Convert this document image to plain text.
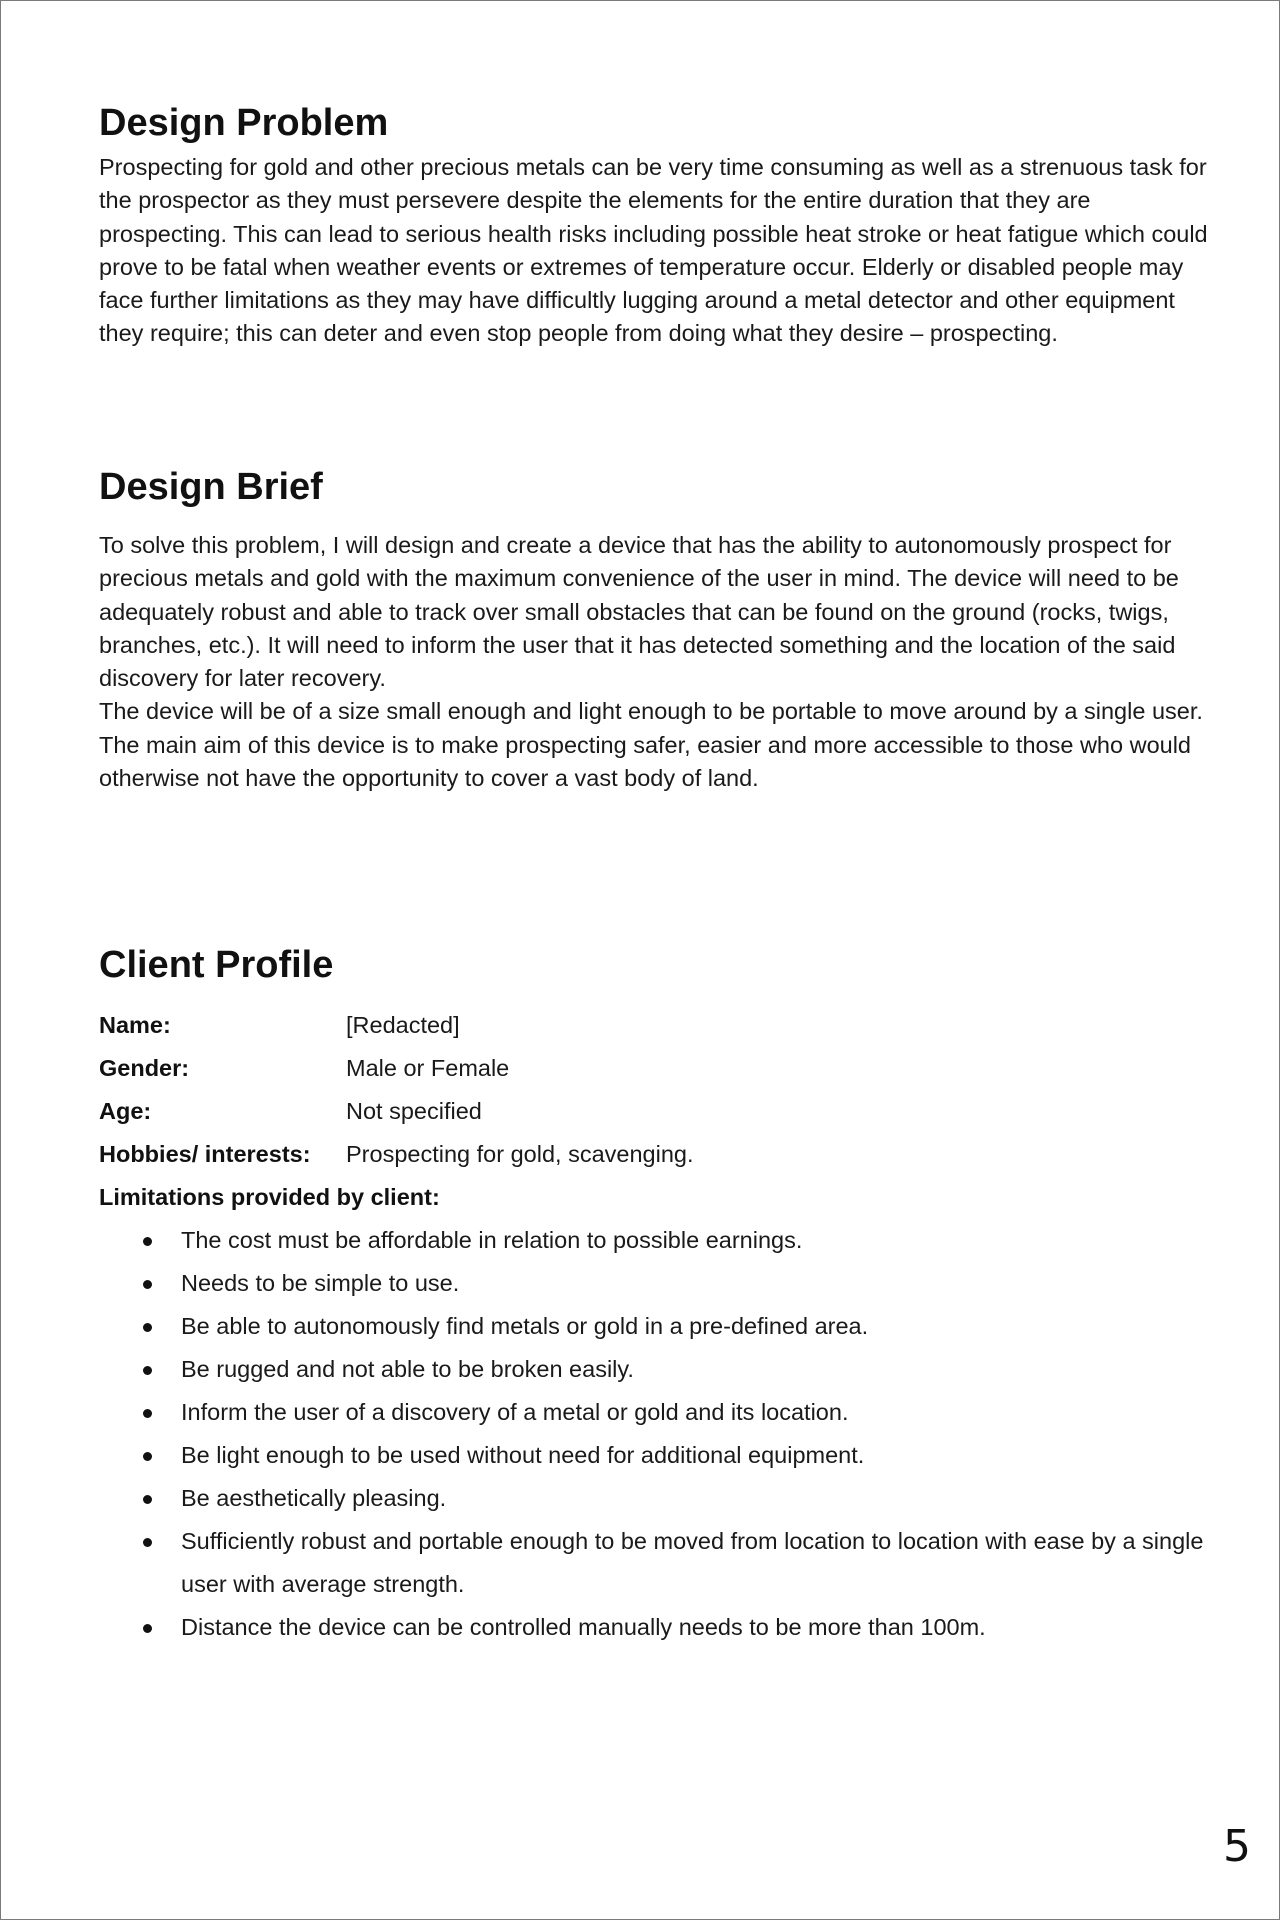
Design Problem

Prospecting for gold and other precious metals can be very time consuming as well as a strenuous task for the prospector as they must persevere despite the elements for the entire duration that they are prospecting. This can lead to serious health risks including possible heat stroke or heat fatigue which could prove to be fatal when weather events or extremes of temperature occur. Elderly or disabled people may face further limitations as they may have difficultly lugging around a metal detector and other equipment they require; this can deter and even stop people from doing what they desire – prospecting.

Design Brief

To solve this problem, I will design and create a device that has the ability to autonomously prospect for precious metals and gold with the maximum convenience of the user in mind. The device will need to be adequately robust and able to track over small obstacles that can be found on the ground (rocks, twigs, branches, etc.). It will need to inform the user that it has detected something and the location of the said discovery for later recovery.

The device will be of a size small enough and light enough to be portable to move around by a single user.

The main aim of this device is to make prospecting safer, easier and more accessible to those who would otherwise not have the opportunity to cover a vast body of land.

Client Profile
Name:	[Redacted]
Gender:	Male or Female
Age:	Not specified
Hobbies/ interests:	Prospecting for gold, scavenging.
Limitations provided by client:
The cost must be affordable in relation to possible earnings.
Needs to be simple to use.
Be able to autonomously find metals or gold in a pre-defined area.
Be rugged and not able to be broken easily.
Inform the user of a discovery of a metal or gold and its location.
Be light enough to be used without need for additional equipment.
Be aesthetically pleasing.
Sufficiently robust and portable enough to be moved from location to location with ease by a single user with average strength.
Distance the device can be controlled manually needs to be more than 100m.
5
